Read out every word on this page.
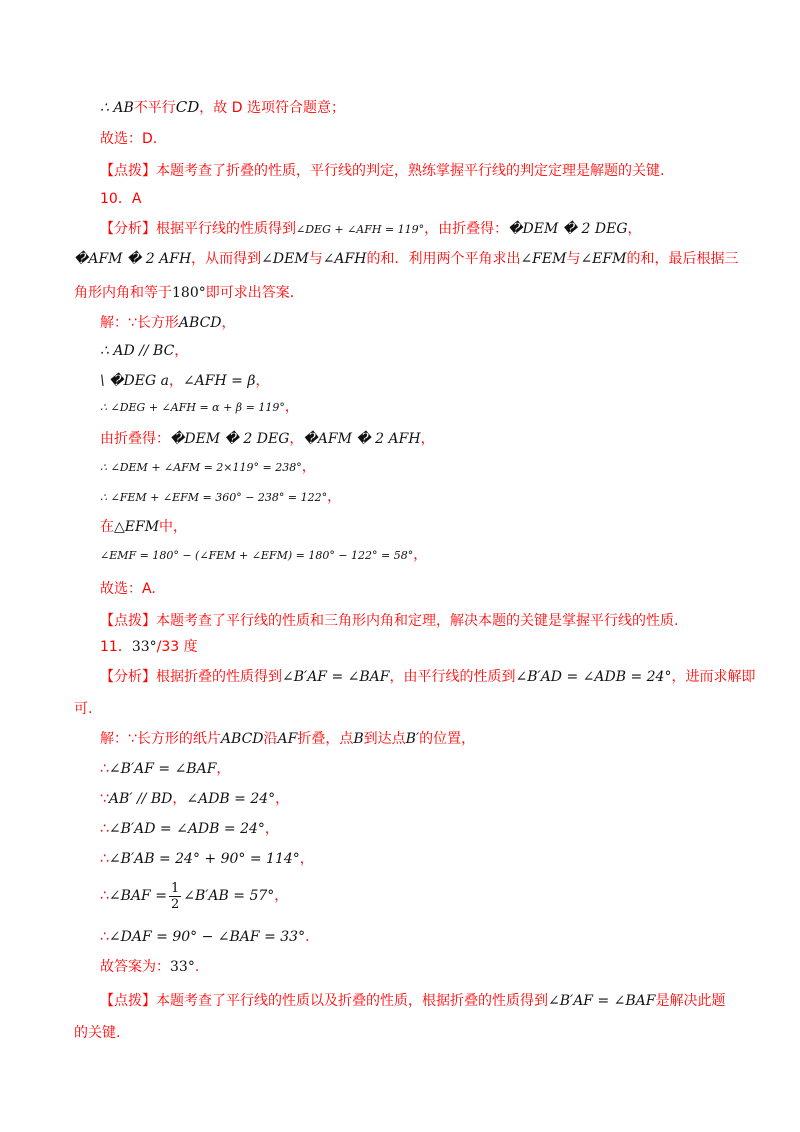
∴ AB不平行CD，故 D 选项符合题意；
故选：D.
【点拨】本题考查了折叠的性质，平行线的判定，熟练掌握平行线的判定定理是解题的关键.
10．A
【分析】根据平行线的性质得到∠DEG + ∠AFH = 119°，由折叠得：�DEM � 2 DEG，
�AFM � 2 AFH，从而得到∠DEM与∠AFH的和．利用两个平角求出∠FEM与∠EFM的和，最后根据三
角形内角和等于180°即可求出答案．
解：∵长方形ABCD，
∴ AD // BC，
\ �DEG a，∠AFH = β，
∴ ∠DEG + ∠AFH = α + β = 119°，
由折叠得：�DEM � 2 DEG，�AFM � 2 AFH，
∴ ∠DEM + ∠AFM = 2×119° = 238°，
∴ ∠FEM + ∠EFM = 360° − 238° = 122°，
在△EFM中，
∠EMF = 180° − (∠FEM + ∠EFM) = 180° − 122° = 58°，
故选：A.
【点拨】本题考查了平行线的性质和三角形内角和定理，解决本题的关键是掌握平行线的性质.
11．33°/33 度
【分析】根据折叠的性质得到∠B′AF = ∠BAF，由平行线的性质到∠B′AD = ∠ADB = 24°，进而求解即
可.
解：∵长方形的纸片ABCD沿AF折叠，点B到达点B′的位置，
∴∠B′AF = ∠BAF，
∵AB′ // BD，∠ADB = 24°，
∴∠B′AD = ∠ADB = 24°，
∴∠B′AB = 24° + 90° = 114°，
∴∠BAF = $\frac{1}{2}$ ∠B′AB = 57°，
∴∠DAF = 90° − ∠BAF = 33°.
故答案为：33°.
【点拨】本题考查了平行线的性质以及折叠的性质，根据折叠的性质得到∠B′AF = ∠BAF是解决此题
的关键.
